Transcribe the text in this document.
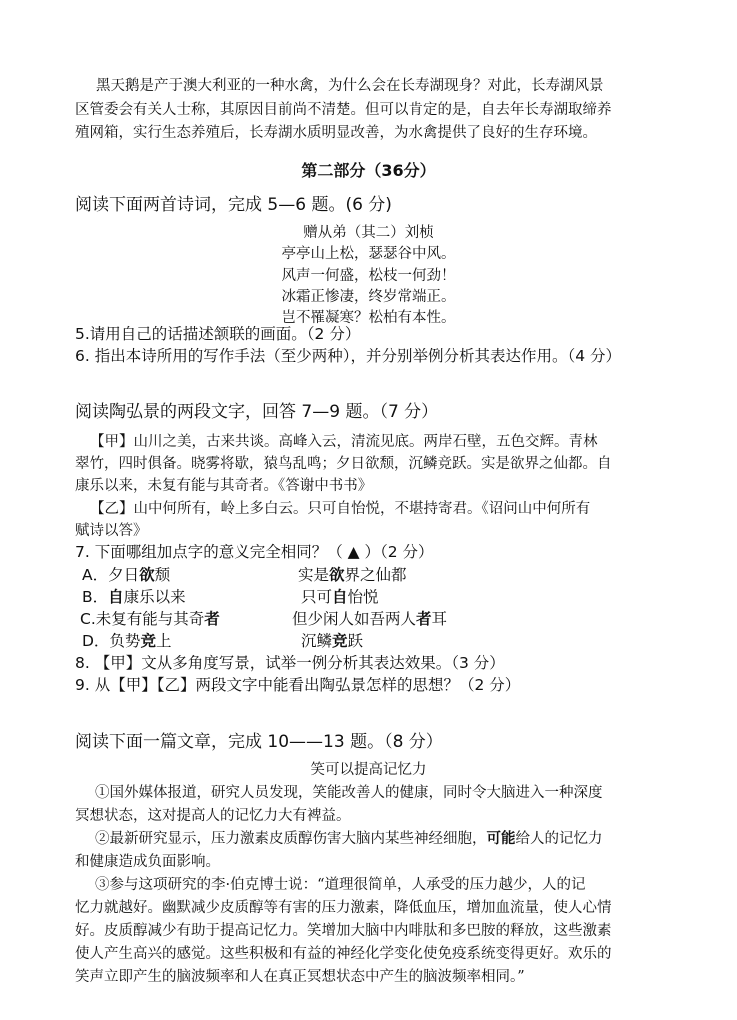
黑天鹅是产于澳大利亚的一种水禽，为什么会在长寿湖现身？对此，长寿湖风景
区管委会有关人士称，其原因目前尚不清楚。但可以肯定的是，自去年长寿湖取缔养
殖网箱，实行生态养殖后，长寿湖水质明显改善，为水禽提供了良好的生存环境。
第二部分（36分）
阅读下面两首诗词，完成 5—6 题。(6 分)
赠从弟（其二）刘桢
亭亭山上松，瑟瑟谷中风。
风声一何盛，松枝一何劲！
冰霜正惨凄，终岁常端正。
岂不罹凝寒？松柏有本性。
5.请用自己的话描述颔联的画面。（2 分）
6. 指出本诗所用的写作手法（至少两种），并分别举例分析其表达作用。（4 分）
阅读陶弘景的两段文字，回答 7—9 题。（7 分）
【甲】山川之美，古来共谈。高峰入云，清流见底。两岸石壁，五色交辉。青林
翠竹，四时俱备。晓雾将歇，猿鸟乱鸣；夕日欲颓，沉鳞竞跃。实是欲界之仙都。自
康乐以来，未复有能与其奇者。《答谢中书书》
【乙】山中何所有，岭上多白云。只可自怡悦，不堪持寄君。《诏问山中何所有
赋诗以答》
7. 下面哪组加点字的意义完全相同？（ ▲ ）（2 分）
A．夕日欲颓	实是欲界之仙都
B．自康乐以来	只可自怡悦
C.未复有能与其奇者	但少闲人如吾两人者耳
D．负势竞上	沉鳞竞跃
8. 【甲】文从多角度写景，试举一例分析其表达效果。（3 分）
9. 从【甲】【乙】两段文字中能看出陶弘景怎样的思想？（2 分）
阅读下面一篇文章，完成 10——13 题。（8 分）
笑可以提高记忆力
①国外媒体报道，研究人员发现，笑能改善人的健康，同时令大脑进入一种深度
冥想状态，这对提高人的记忆力大有裨益。
②最新研究显示，压力激素皮质醇伤害大脑内某些神经细胞，可能给人的记忆力
和健康造成负面影响。
③参与这项研究的李·伯克博士说：“道理很简单，人承受的压力越少，人的记
忆力就越好。幽默减少皮质醇等有害的压力激素，降低血压，增加血流量，使人心情
好。皮质醇减少有助于提高记忆力。笑增加大脑中内啡肽和多巴胺的释放，这些激素
使人产生高兴的感觉。这些积极和有益的神经化学变化使免疫系统变得更好。欢乐的
笑声立即产生的脑波频率和人在真正冥想状态中产生的脑波频率相同。”
